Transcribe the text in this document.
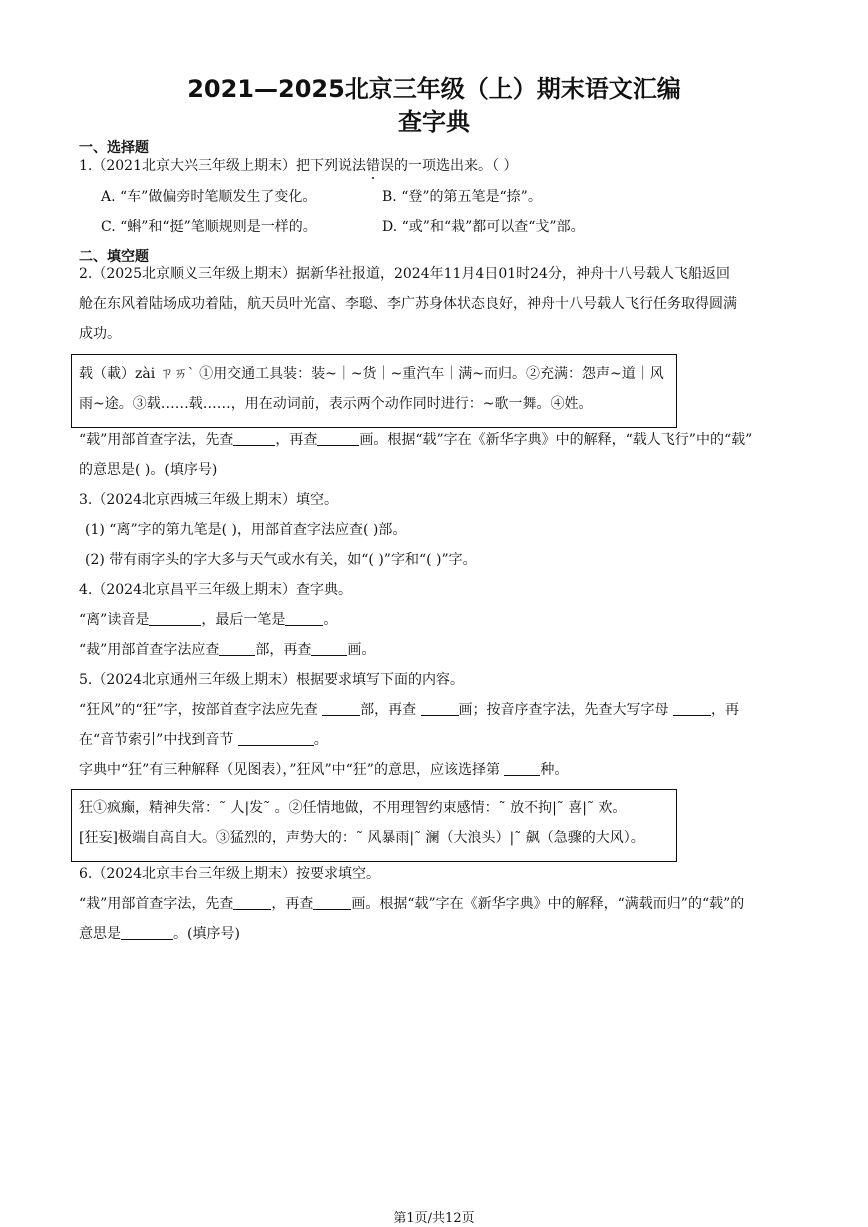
2021—2025北京三年级（上）期末语文汇编
查字典
一、选择题
1.（2021北京大兴三年级上期末）把下列说法错误的一项选出来。（ ）
A. “车”做偏旁时笔顺发生了变化。	B. “登”的第五笔是“捺”。
C. “蝌”和“挺”笔顺规则是一样的。	D. “或”和“栽”都可以查“戈”部。
二、填空题
2.（2025北京顺义三年级上期末）据新华社报道，2024年11月4日01时24分，神舟十八号载人飞船返回
舱在东风着陆场成功着陆，航天员叶光富、李聪、李广苏身体状态良好，神舟十八号载人飞行任务取得圆满
成功。
载（載）zài ㄗㄞˋ ①用交通工具装：装~｜~货｜~重汽车｜满~而归。②充满：怨声~道｜风
雨~途。③载……载……，用在动词前，表示两个动作同时进行：~歌一舞。④姓。
“载”用部首查字法，先查	，再查	画。根据“载”字在《新华字典》中的解释，“载人飞行”中的“载”
的意思是( )。(填序号)
3.（2024北京西城三年级上期末）填空。
(1) “离”字的第九笔是( )，用部首查字法应查( )部。
(2) 带有雨字头的字大多与天气或水有关，如“( )”字和“( )”字。
4.（2024北京昌平三年级上期末）查字典。
“离”读音是	，最后一笔是	。
“裁”用部首查字法应查	部，再查	画。
5.（2024北京通州三年级上期末）根据要求填写下面的内容。
“狂风”的“狂”字，按部首查字法应先查	部，再查	画；按音序查字法，先查大写字母	，再
在“音节索引”中找到音节	。
字典中“狂”有三种解释（见图表），”狂风”中“狂”的意思，应该选择第	种。
狂①疯癫，精神失常：˜ 人|发˜ 。②任情地做，不用理智约束感情：˜ 放不拘|˜ 喜|˜ 欢。
[狂妄]极端自高自大。③猛烈的，声势大的：˜ 风暴雨|˜ 澜（大浪头）|˜ 飙（急骤的大风）。
6.（2024北京丰台三年级上期末）按要求填空。
“栽”用部首查字法，先查	，再查	画。根据“载”字在《新华字典》中的解释，“满载而归”的“载”的
意思是	。(填序号)
第1页/共12页
